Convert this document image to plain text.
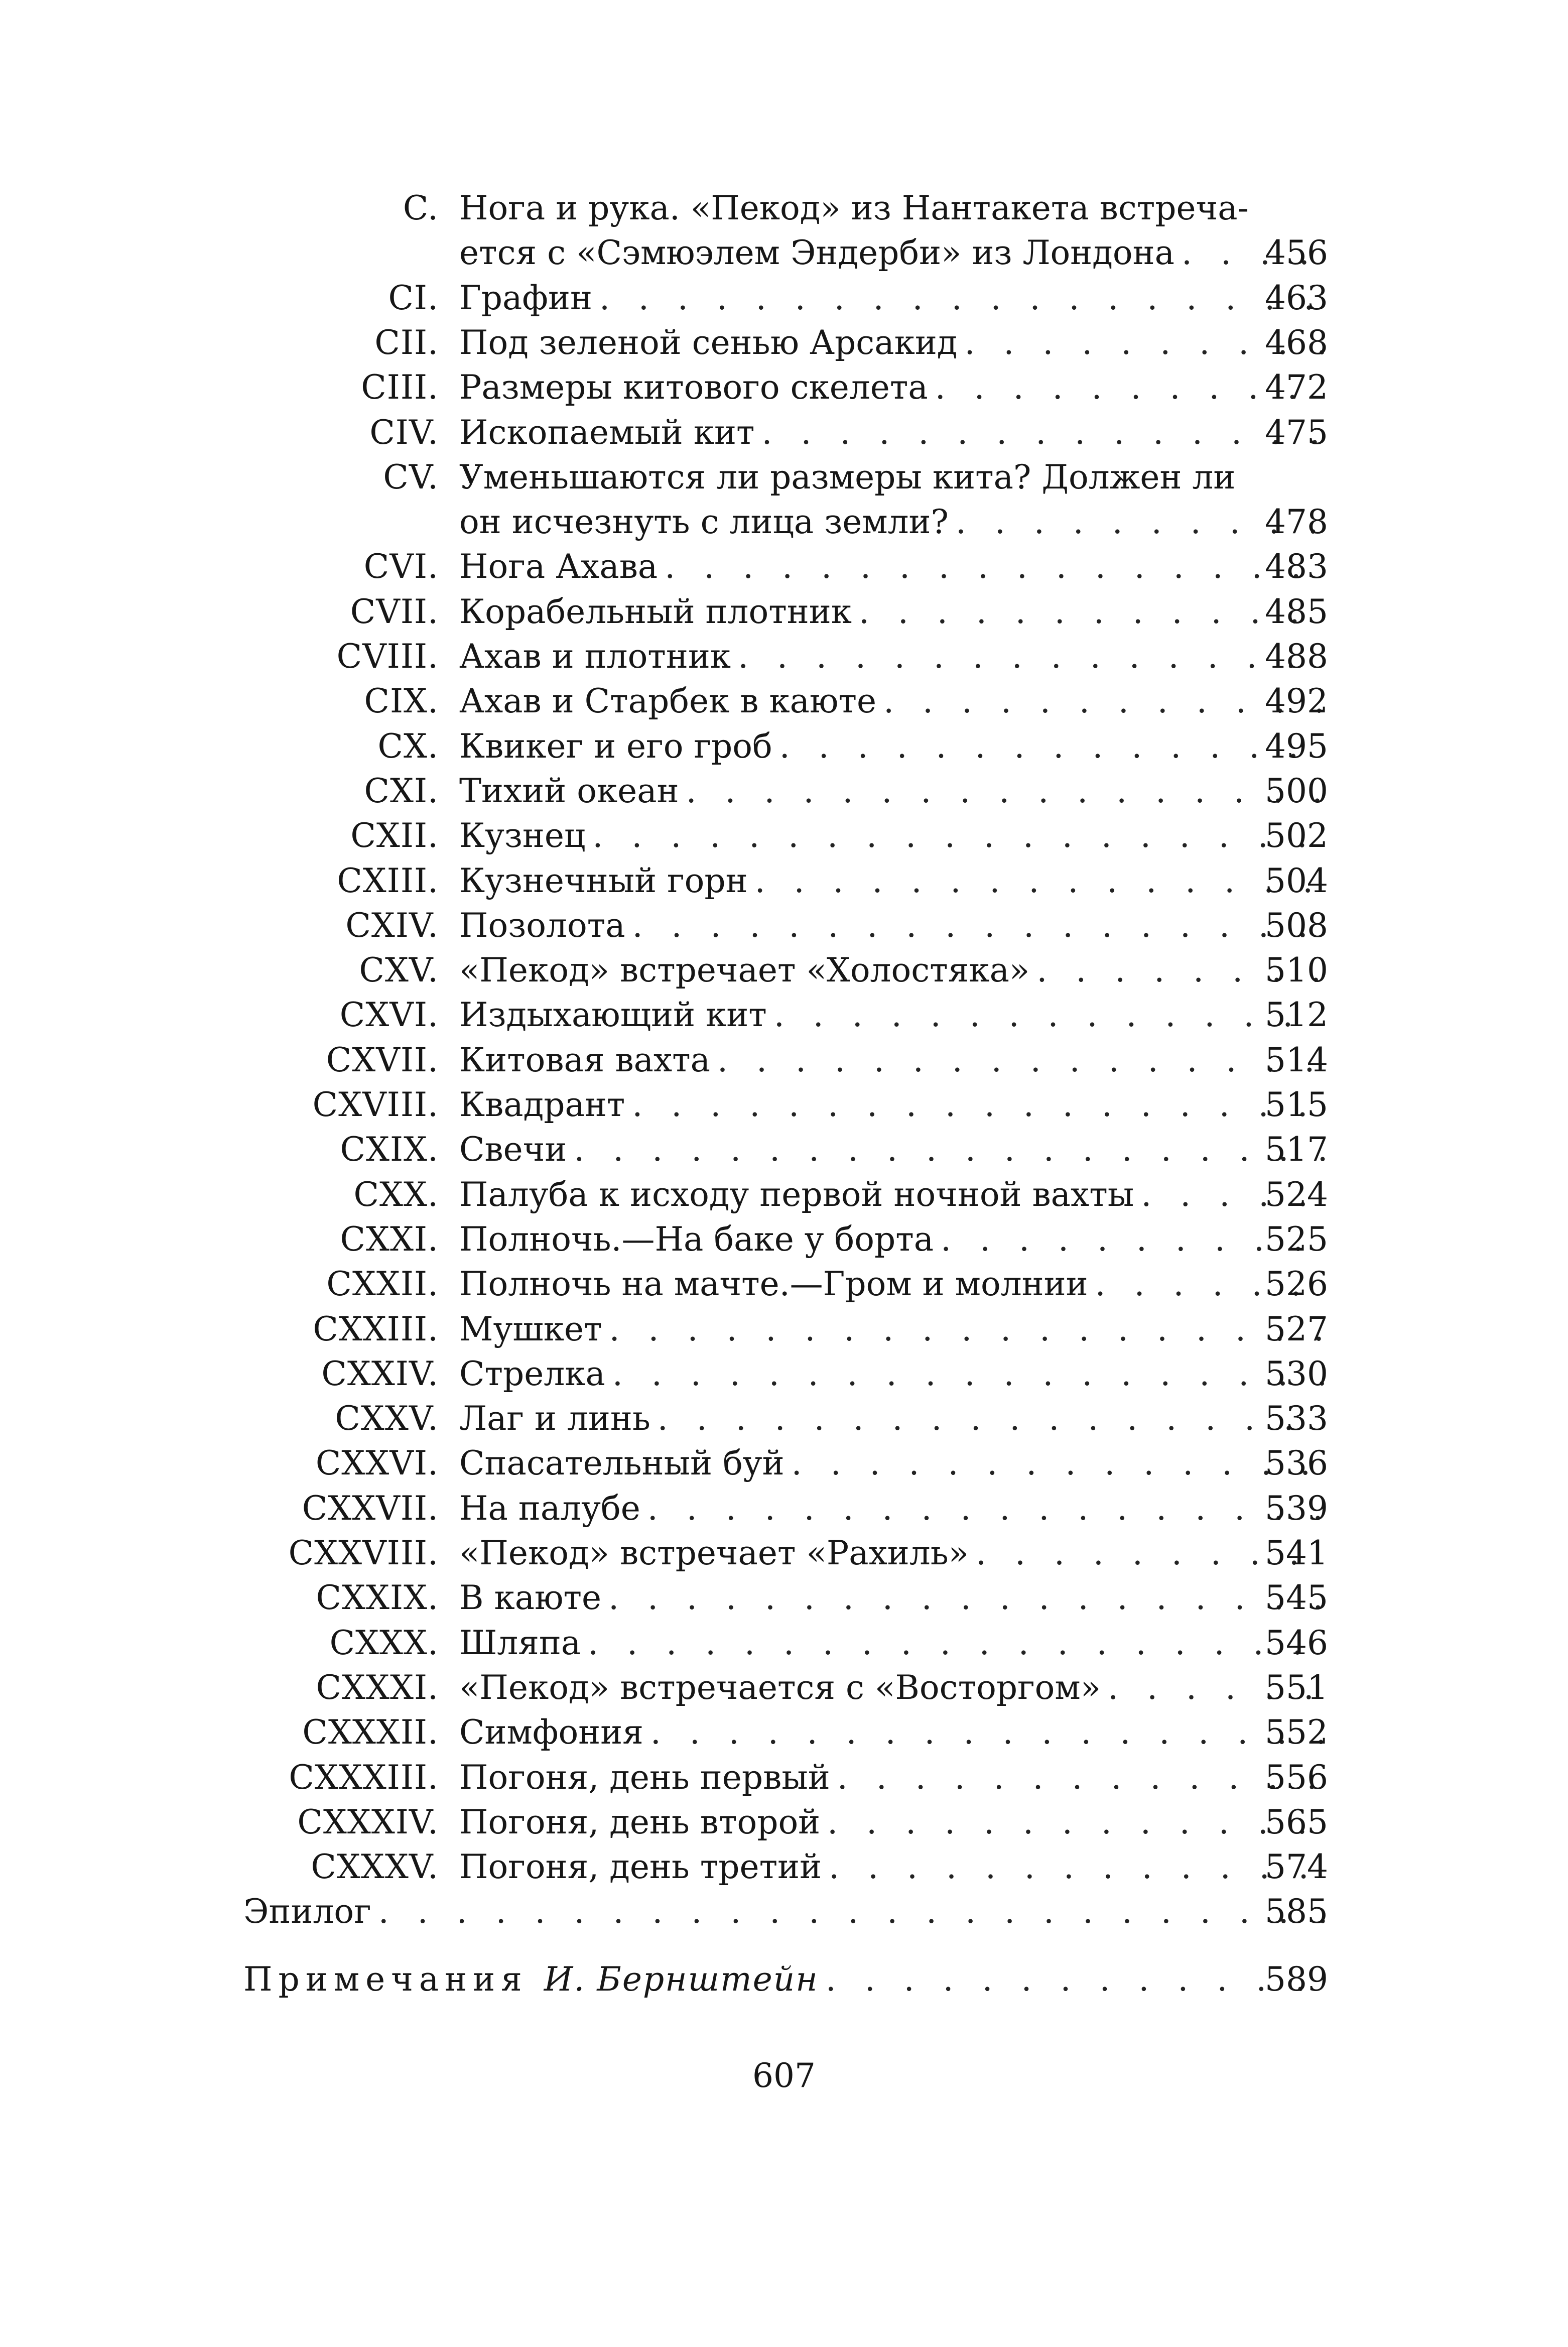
C. Нога и рука. «Пекод» из Нантакета встреча-
ется с «Сэмюэлем Эндерби» из Лондона . . .	456
CI. Графин . . .	463
CII. Под зеленой сенью Арсакид . . .	468
CIII. Размеры китового скелета . . .	472
CIV. Ископаемый кит . . .	475
CV. Уменьшаются ли размеры кита? Должен ли
он исчезнуть с лица земли? . . .	478
CVI. Нога Ахава . . .	483
CVII. Корабельный плотник . . .	485
CVIII. Ахав и плотник . . .	488
CIX. Ахав и Старбек в каюте . . .	492
CX. Квикег и его гроб . . .	495
CXI. Тихий океан . . .	500
CXII. Кузнец . . .	502
CXIII. Кузнечный горн . . .	504
CXIV. Позолота . . .	508
CXV. «Пекод» встречает «Холостяка» . . .	510
CXVI. Издыхающий кит . . .	512
CXVII. Китовая вахта . . .	514
CXVIII. Квадрант . . .	515
CXIX. Свечи . . .	517
CXX. Палуба к исходу первой ночной вахты . . .	524
CXXI. Полночь.—На баке у борта . . .	525
CXXII. Полночь на мачте.—Гром и молнии . . .	526
CXXIII. Мушкет . . .	527
CXXIV. Стрелка . . .	530
CXXV. Лаг и линь . . .	533
CXXVI. Спасательный буй . . .	536
CXXVII. На палубе . . .	539
CXXVIII. «Пекод» встречает «Рахиль» . . .	541
CXXIX. В каюте . . .	545
CXXX. Шляпа . . .	546
CXXXI. «Пекод» встречается с «Восторгом» . . .	551
CXXXII. Симфония . . .	552
CXXXIII. Погоня, день первый . . .	556
CXXXIV. Погоня, день второй . . .	565
CXXXV. Погоня, день третий . . .	574
Эпилог . . .	585
Примечания И. Бернштейн . . .	589
607
